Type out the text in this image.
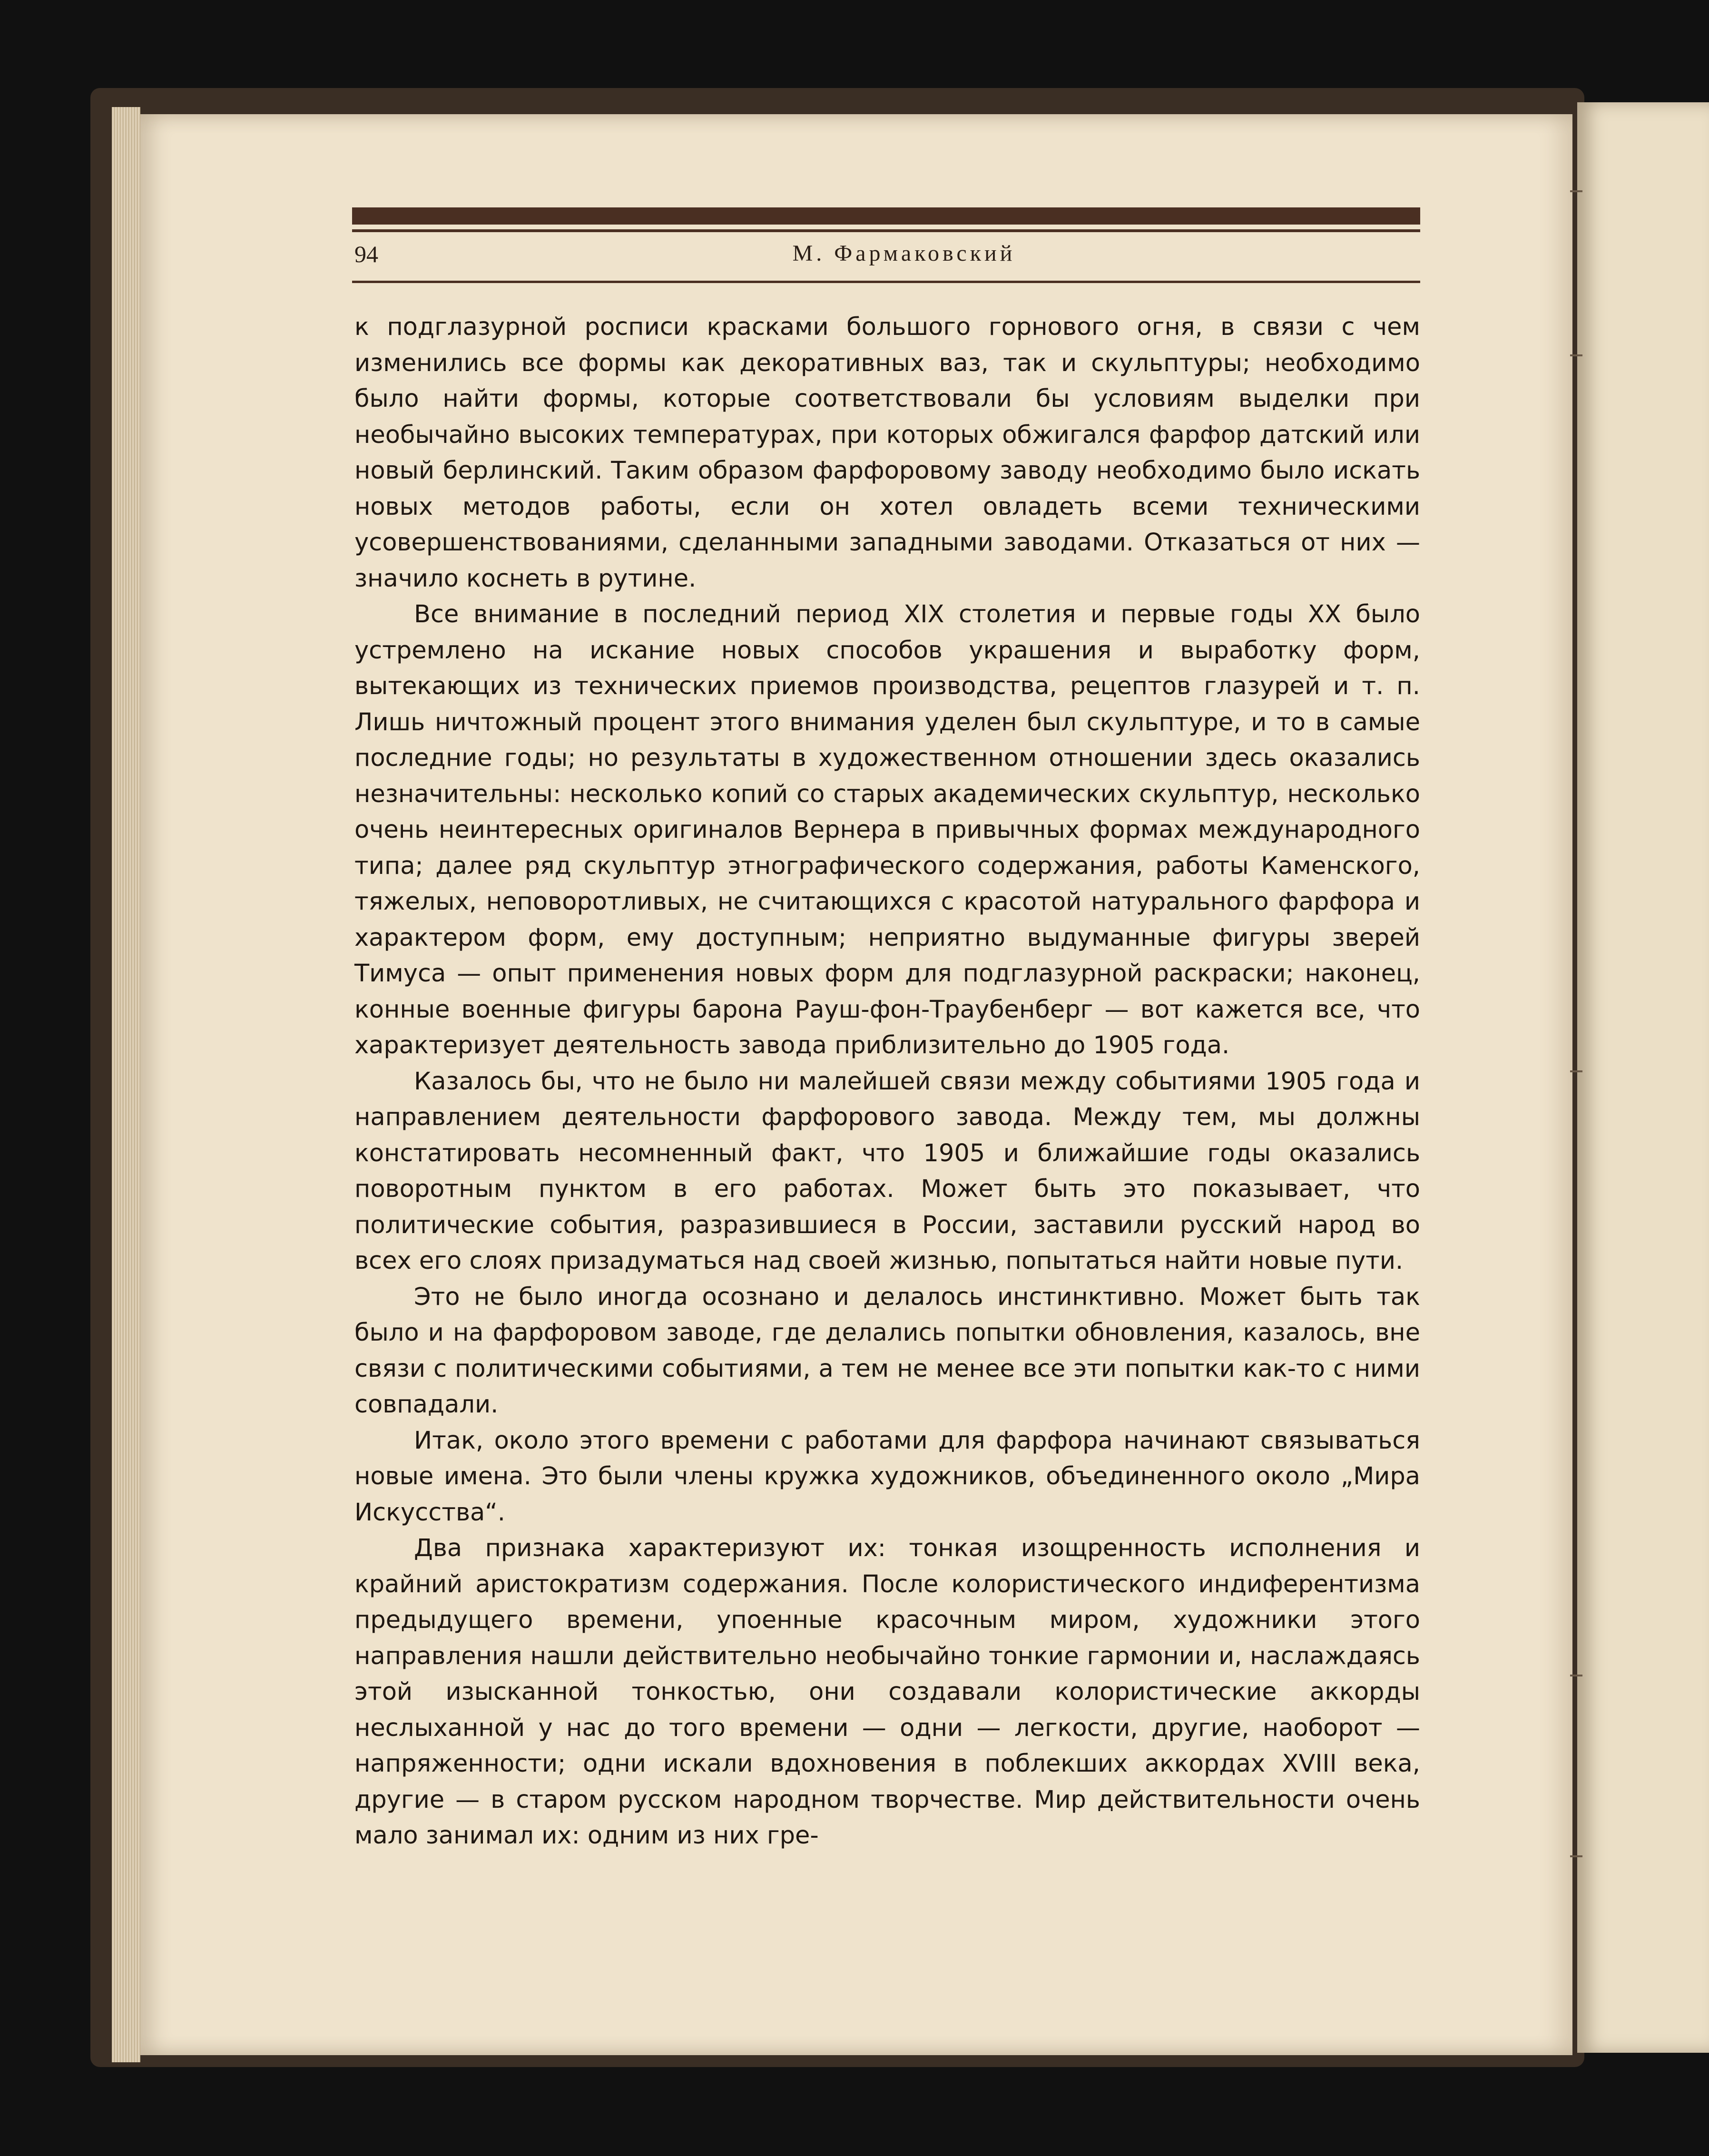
94	М. Фармаковский

к подглазурной росписи красками большого горнового огня, в связи с чем изменились все формы как декоративных ваз, так и скульптуры; необходимо было найти формы, которые соответствовали бы условиям выделки при необычайно высоких температурах, при которых обжигался фарфор датский или новый берлинский. Таким образом фарфоровому заводу необходимо было искать новых методов работы, если он хотел овладеть всеми техническими усовершенствованиями, сделанными западными заводами. Отказаться от них — значило коснеть в рутине.

Все внимание в последний период XIX столетия и первые годы XX было устремлено на искание новых способов украшения и выработку форм, вытекающих из технических приемов производства, рецептов глазурей и т. п. Лишь ничтожный процент этого внимания уделен был скульптуре, и то в самые последние годы; но результаты в художественном отношении здесь оказались незначительны: несколько копий со старых академических скульптур, несколько очень неинтересных оригиналов Вернера в привычных формах международного типа; далее ряд скульптур этнографического содержания, работы Каменского, тяжелых, неповоротливых, не считающихся с красотой натурального фарфора и характером форм, ему доступным; неприятно выдуманные фигуры зверей Тимуса — опыт применения новых форм для подглазурной раскраски; наконец, конные военные фигуры барона Рауш-фон-Траубенберг — вот кажется все, что характеризует деятельность завода приблизительно до 1905 года.

Казалось бы, что не было ни малейшей связи между событиями 1905 года и направлением деятельности фарфорового завода. Между тем, мы должны констатировать несомненный факт, что 1905 и ближайшие годы оказались поворотным пунктом в его работах. Может быть это показывает, что политические события, разразившиеся в России, заставили русский народ во всех его слоях призадуматься над своей жизнью, попытаться найти новые пути.

Это не было иногда осознано и делалось инстинктивно. Может быть так было и на фарфоровом заводе, где делались попытки обновления, казалось, вне связи с политическими событиями, а тем не менее все эти попытки как-то с ними совпадали.

Итак, около этого времени с работами для фарфора начинают связываться новые имена. Это были члены кружка художников, объединенного около „Мира Искусства“.

Два признака характеризуют их: тонкая изощренность исполнения и крайний аристократизм содержания. После колористического индиферентизма предыдущего времени, упоенные красочным миром, художники этого направления нашли действительно необычайно тонкие гармонии и, наслаждаясь этой изысканной тонкостью, они создавали колористические аккорды неслыханной у нас до того времени — одни — легкости, другие, наоборот — напряженности; одни искали вдохновения в поблекших аккордах XVIII века, другие — в старом русском народном творчестве. Мир действительности очень мало занимал их: одним из них гре-
